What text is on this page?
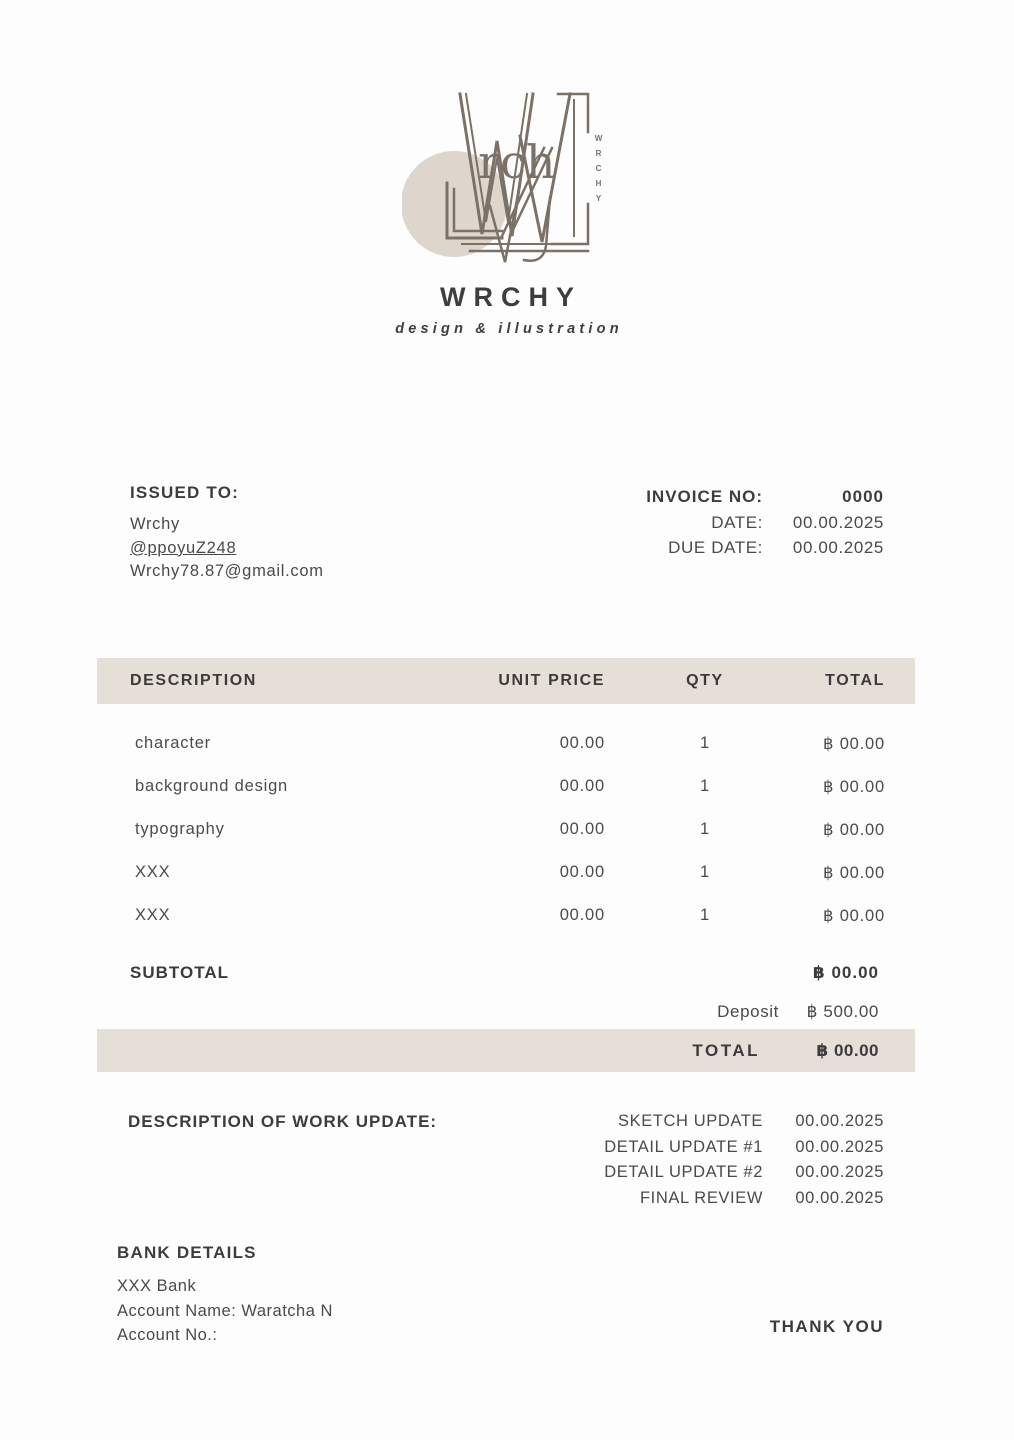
rch	WRCHY
WRCHY
design & illustration
ISSUED TO:
Wrchy
@ppoyuZ248
Wrchy78.87@gmail.com
INVOICE NO:	0000
DATE:	00.00.2025
DUE DATE:	00.00.2025
DESCRIPTION	UNIT PRICE	QTY	TOTAL
character	00.00	1	฿ 00.00
background design	00.00	1	฿ 00.00
typography	00.00	1	฿ 00.00
XXX	00.00	1	฿ 00.00
XXX	00.00	1	฿ 00.00
SUBTOTAL	฿ 00.00
Deposit	฿ 500.00
TOTAL	฿ 00.00
DESCRIPTION OF WORK UPDATE:	SKETCH UPDATE	00.00.2025
DETAIL UPDATE #1	00.00.2025
DETAIL UPDATE #2	00.00.2025
FINAL REVIEW	00.00.2025
BANK DETAILS
XXX Bank
Account Name: Waratcha N
Account No.:	THANK YOU
